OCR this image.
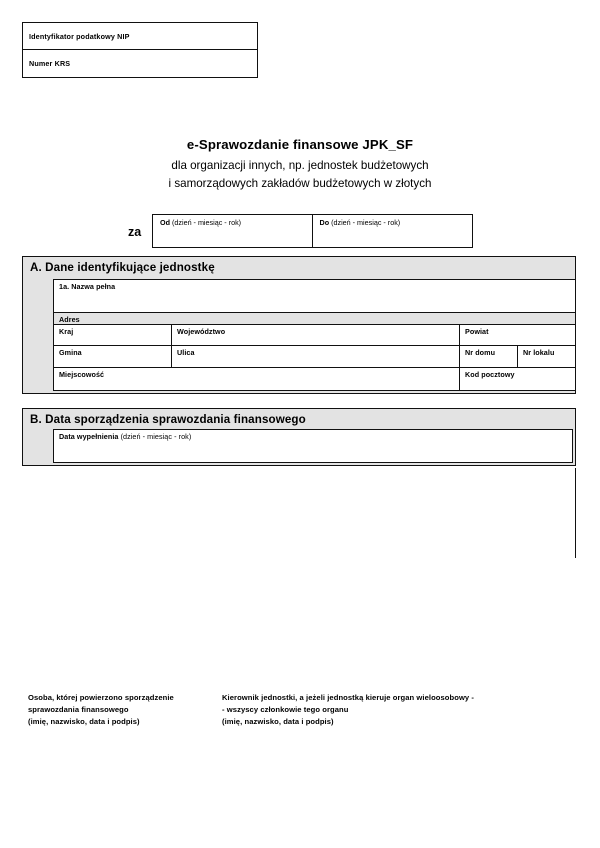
Identyfikator podatkowy NIP
Numer KRS
e-Sprawozdanie finansowe JPK_SF
dla organizacji innych, np. jednostek budżetowych
i samorządowych zakładów budżetowych w złotych
za
Od (dzień - miesiąc - rok)	Do (dzień - miesiąc - rok)
A. Dane identyfikujące jednostkę
1a. Nazwa pełna			

Adres			

Kraj	Województwo	Powiat	

Gmina	Ulica	Nr domu	Nr lokalu

Miejscowość		Kod pocztowy	
B. Data sporządzenia sprawozdania finansowego
Data wypełnienia (dzień - miesiąc - rok)
Osoba, której powierzono sporządzenie
sprawozdania finansowego
(imię, nazwisko, data i podpis)
Kierownik jednostki, a jeżeli jednostką kieruje organ wieloosobowy -
- wszyscy członkowie tego organu
(imię, nazwisko, data i podpis)
